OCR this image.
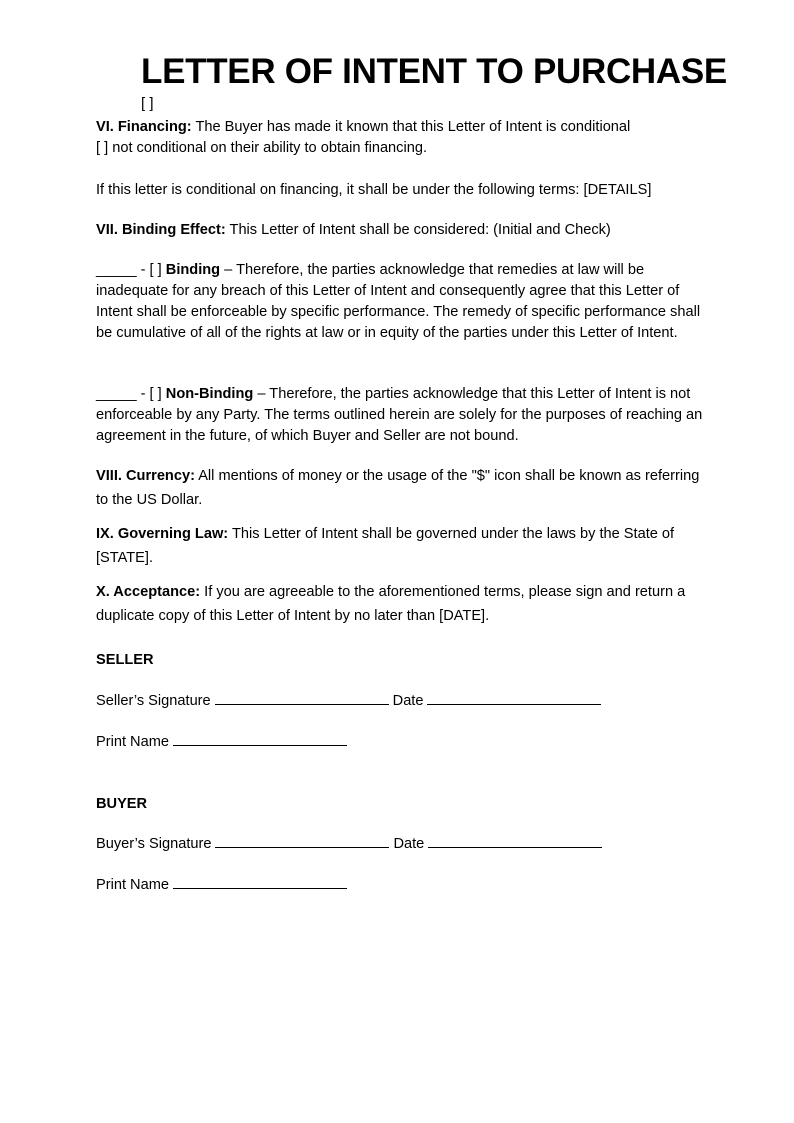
LETTER OF INTENT TO PURCHASE
[ ]

VI. Financing: The Buyer has made it known that this Letter of Intent is conditional
[ ] not conditional on their ability to obtain financing.

If this letter is conditional on financing, it shall be under the following terms: [DETAILS]

VII. Binding Effect: This Letter of Intent shall be considered: (Initial and Check)

_____ - [ ] Binding – Therefore, the parties acknowledge that remedies at law will be inadequate for any breach of this Letter of Intent and consequently agree that this Letter of Intent shall be enforceable by specific performance. The remedy of specific performance shall be cumulative of all of the rights at law or in equity of the parties under this Letter of Intent.

_____ - [ ] Non-Binding – Therefore, the parties acknowledge that this Letter of Intent is not enforceable by any Party. The terms outlined herein are solely for the purposes of reaching an agreement in the future, of which Buyer and Seller are not bound.

VIII. Currency: All mentions of money or the usage of the "$" icon shall be known as referring to the US Dollar.

IX. Governing Law: This Letter of Intent shall be governed under the laws by the State of [STATE].

X. Acceptance: If you are agreeable to the aforementioned terms, please sign and return a duplicate copy of this Letter of Intent by no later than [DATE].

SELLER
Seller’s Signature	Date
Print Name
BUYER
Buyer’s Signature	Date
Print Name
